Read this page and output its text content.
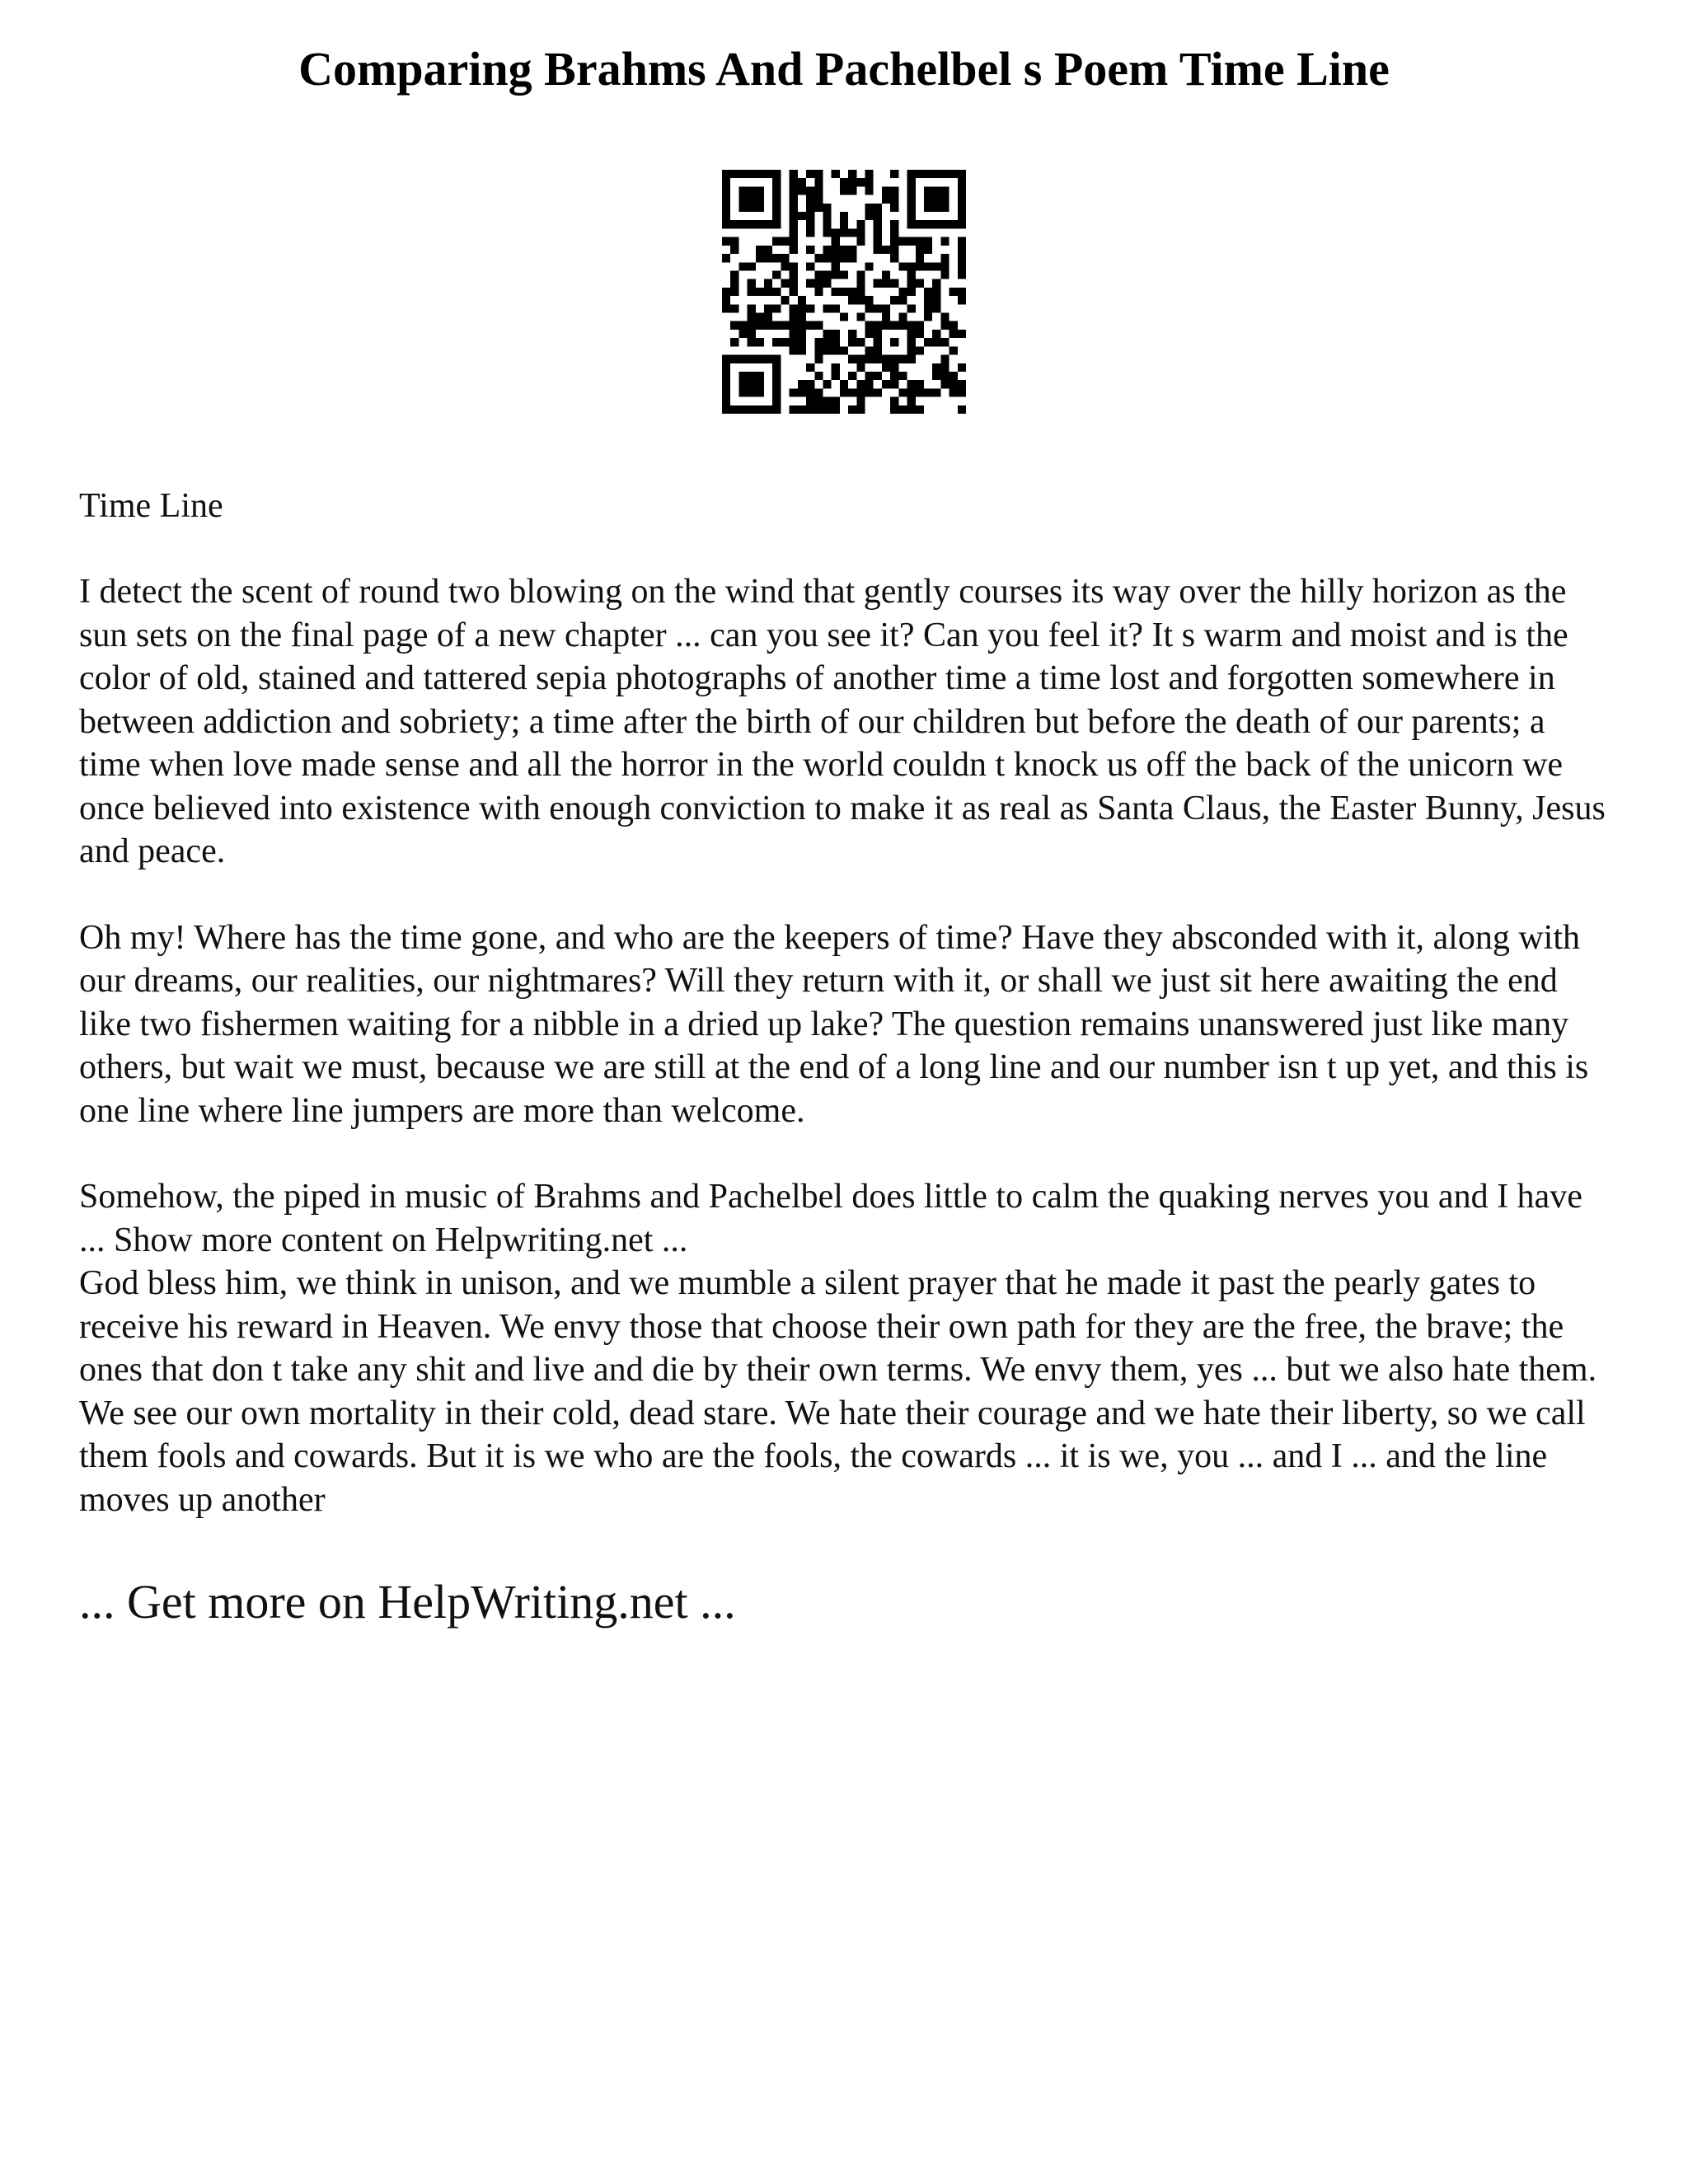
Comparing Brahms And Pachelbel s Poem Time Line

Time Line

I detect the scent of round two blowing on the wind that gently courses its way over the hilly horizon as the sun sets on the final page of a new chapter ... can you see it? Can you feel it? It s warm and moist and is the color of old, stained and tattered sepia photographs of another time a time lost and forgotten somewhere in between addiction and sobriety; a time after the birth of our children but before the death of our parents; a time when love made sense and all the horror in the world couldn t knock us off the back of the unicorn we once believed into existence with enough conviction to make it as real as Santa Claus, the Easter Bunny, Jesus and peace.
Oh my! Where has the time gone, and who are the keepers of time? Have they absconded with it, along with our dreams, our realities, our nightmares? Will they return with it, or shall we just sit here awaiting the end like two fishermen waiting for a nibble in a dried up lake? The question remains unanswered just like many others, but wait we must, because we are still at the end of a long line and our number isn t up yet, and this is one line where line jumpers are more than welcome.
Somehow, the piped in music of Brahms and Pachelbel does little to calm the quaking nerves you and I have ... Show more content on Helpwriting.net ...
God bless him, we think in unison, and we mumble a silent prayer that he made it past the pearly gates to receive his reward in Heaven. We envy those that choose their own path for they are the free, the brave; the ones that don t take any shit and live and die by their own terms. We envy them, yes ... but we also hate them. We see our own mortality in their cold, dead stare. We hate their courage and we hate their liberty, so we call them fools and cowards. But it is we who are the fools, the cowards ... it is we, you ... and I ... and the line moves up another

... Get more on HelpWriting.net ...
